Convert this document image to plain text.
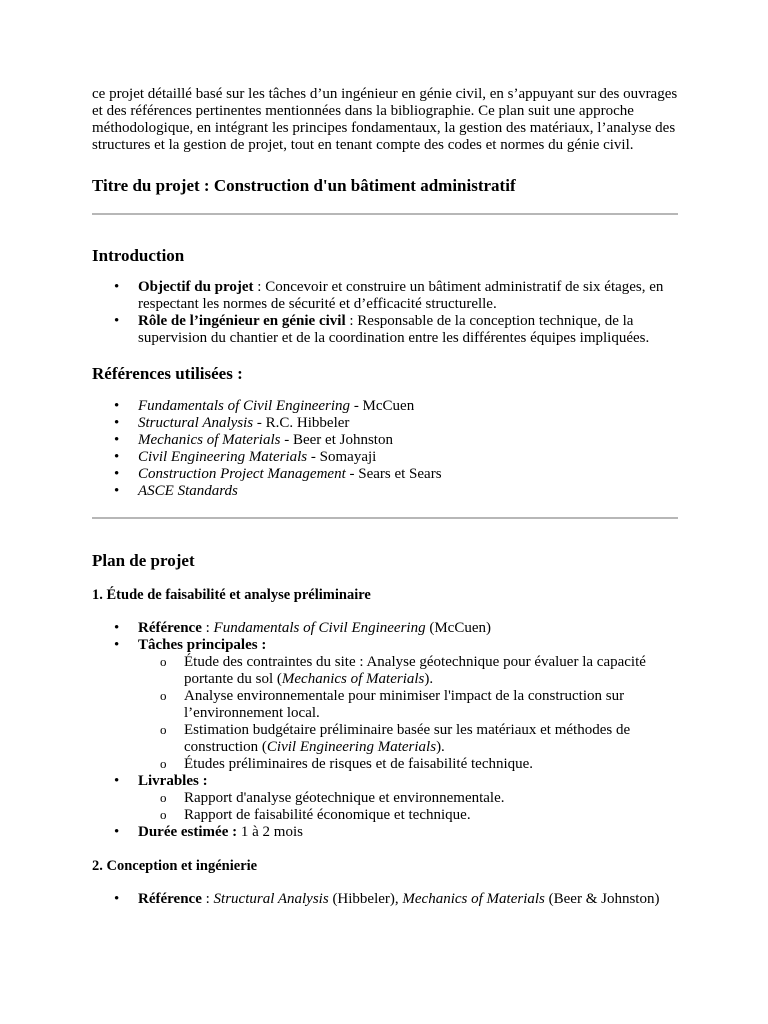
ce projet détaillé basé sur les tâches d’un ingénieur en génie civil, en s’appuyant sur des ouvrages et des références pertinentes mentionnées dans la bibliographie. Ce plan suit une approche méthodologique, en intégrant les principes fondamentaux, la gestion des matériaux, l’analyse des structures et la gestion de projet, tout en tenant compte des codes et normes du génie civil.

Titre du projet : Construction d'un bâtiment administratif
Introduction
• Objectif du projet : Concevoir et construire un bâtiment administratif de six étages, en respectant les normes de sécurité et d’efficacité structurelle.
• Rôle de l’ingénieur en génie civil : Responsable de la conception technique, de la supervision du chantier et de la coordination entre les différentes équipes impliquées.
Références utilisées :
• Fundamentals of Civil Engineering - McCuen
• Structural Analysis - R.C. Hibbeler
• Mechanics of Materials - Beer et Johnston
• Civil Engineering Materials - Somayaji
• Construction Project Management - Sears et Sears
• ASCE Standards
Plan de projet
1. Étude de faisabilité et analyse préliminaire
• Référence : Fundamentals of Civil Engineering (McCuen)
• Tâches principales :
o Étude des contraintes du site : Analyse géotechnique pour évaluer la capacité portante du sol (Mechanics of Materials).
o Analyse environnementale pour minimiser l'impact de la construction sur l’environnement local.
o Estimation budgétaire préliminaire basée sur les matériaux et méthodes de construction (Civil Engineering Materials).
o Études préliminaires de risques et de faisabilité technique.
• Livrables :
o Rapport d'analyse géotechnique et environnementale.
o Rapport de faisabilité économique et technique.
• Durée estimée : 1 à 2 mois
2. Conception et ingénierie
• Référence : Structural Analysis (Hibbeler), Mechanics of Materials (Beer & Johnston)
